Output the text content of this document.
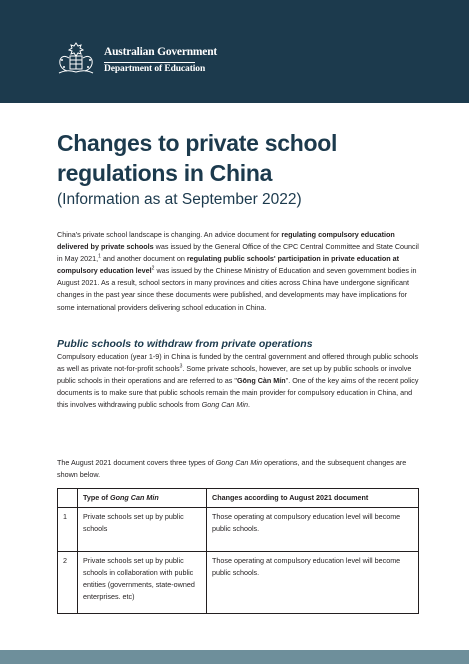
Australian Government
Department of Education
Changes to private school regulations in China
(Information as at September 2022)

China's private school landscape is changing. An advice document for regulating compulsory education delivered by private schools was issued by the General Office of the CPC Central Committee and State Council in May 2021,$^1$ and another document on regulating public schools' participation in private education at compulsory education level$^2$ was issued by the Chinese Ministry of Education and seven government bodies in August 2021. As a result, school sectors in many provinces and cities across China have undergone significant changes in the past year since these documents were published, and developments may have implications for some international providers delivering school education in China.

Public schools to withdraw from private operations

Compulsory education (year 1-9) in China is funded by the central government and offered through public schools as well as private not-for-profit schools$^3$. Some private schools, however, are set up by public schools or involve public schools in their operations and are referred to as "Gōng Càn Mín". One of the key aims of the recent policy documents is to make sure that public schools remain the main provider for compulsory education in China, and this involves withdrawing public schools from Gong Can Min.

The August 2021 document covers three types of Gong Can Min operations, and the subsequent changes are shown below.

	Type of Gong Can Min	Changes according to August 2021 document
1	Private schools set up by public schools	Those operating at compulsory education level will become public schools.
2	Private schools set up by public schools in collaboration with public entities (governments, state-owned enterprises. etc)	Those operating at compulsory education level will become public schools.
